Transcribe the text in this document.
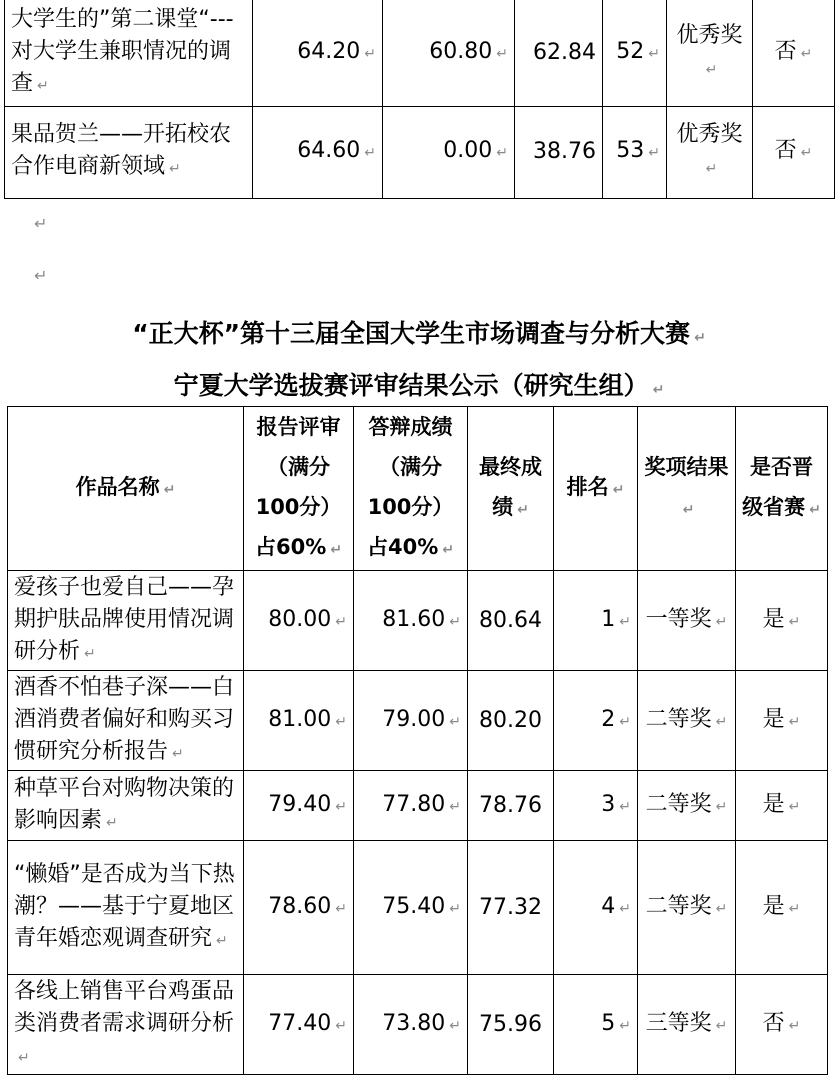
大学生的”第二课堂“---对大学生兼职情况的调查 ↵	64.20 ↵	60.80 ↵	62.84	52 ↵	优秀奖↵	否 ↵
果品贺兰——开拓校农合作电商新领域 ↵	64.60 ↵	0.00 ↵	38.76	53 ↵	优秀奖↵	否 ↵
↵
↵
“正大杯”第十三届全国大学生市场调查与分析大赛 ↵
宁夏大学选拔赛评审结果公示（研究生组） ↵
作品名称 ↵	报告评审（满分100分）占60% ↵	答辩成绩（满分100分）占40% ↵	最终成绩 ↵	排名 ↵	奖项结果↵	是否晋级省赛 ↵
爱孩子也爱自己——孕期护肤品牌使用情况调研分析 ↵	80.00 ↵	81.60 ↵	80.64	1 ↵	一等奖 ↵	是 ↵
酒香不怕巷子深——白酒消费者偏好和购买习惯研究分析报告 ↵	81.00 ↵	79.00 ↵	80.20	2 ↵	二等奖 ↵	是 ↵
种草平台对购物决策的影响因素 ↵	79.40 ↵	77.80 ↵	78.76	3 ↵	二等奖 ↵	是 ↵
“懒婚”是否成为当下热潮？——基于宁夏地区青年婚恋观调查研究 ↵	78.60 ↵	75.40 ↵	77.32	4 ↵	二等奖 ↵	是 ↵
各线上销售平台鸡蛋品类消费者需求调研分析↵	77.40 ↵	73.80 ↵	75.96	5 ↵	三等奖 ↵	否 ↵
